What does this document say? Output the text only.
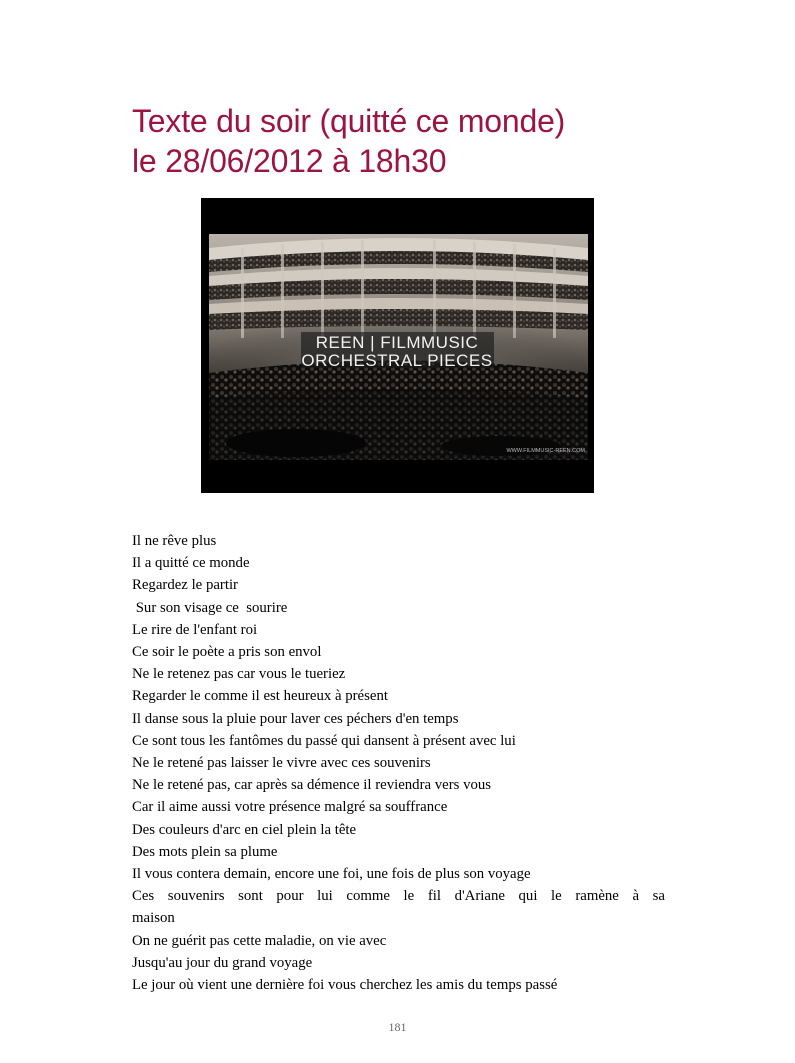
Texte du soir (quitté ce monde)
le 28/06/2012 à 18h30
REEN | FILMMUSIC
ORCHESTRAL PIECES
WWW.FILMMUSIC-REEN.COM
Il ne rêve plus
Il a quitté ce monde
Regardez le partir
Sur son visage ce  sourire
Le rire de l'enfant roi
Ce soir le poète a pris son envol
Ne le retenez pas car vous le tueriez
Regarder le comme il est heureux à présent
Il danse sous la pluie pour laver ces péchers d'en temps
Ce sont tous les fantômes du passé qui dansent à présent avec lui
Ne le retené pas laisser le vivre avec ces souvenirs
Ne le retené pas, car après sa démence il reviendra vers vous
Car il aime aussi votre présence malgré sa souffrance
Des couleurs d'arc en ciel plein la tête
Des mots plein sa plume
Il vous contera demain, encore une foi, une fois de plus son voyage
Ces souvenirs sont pour lui comme le fil d'Ariane qui le ramène à sa
maison
On ne guérit pas cette maladie, on vie avec
Jusqu'au jour du grand voyage
Le jour où vient une dernière foi vous cherchez les amis du temps passé
181
